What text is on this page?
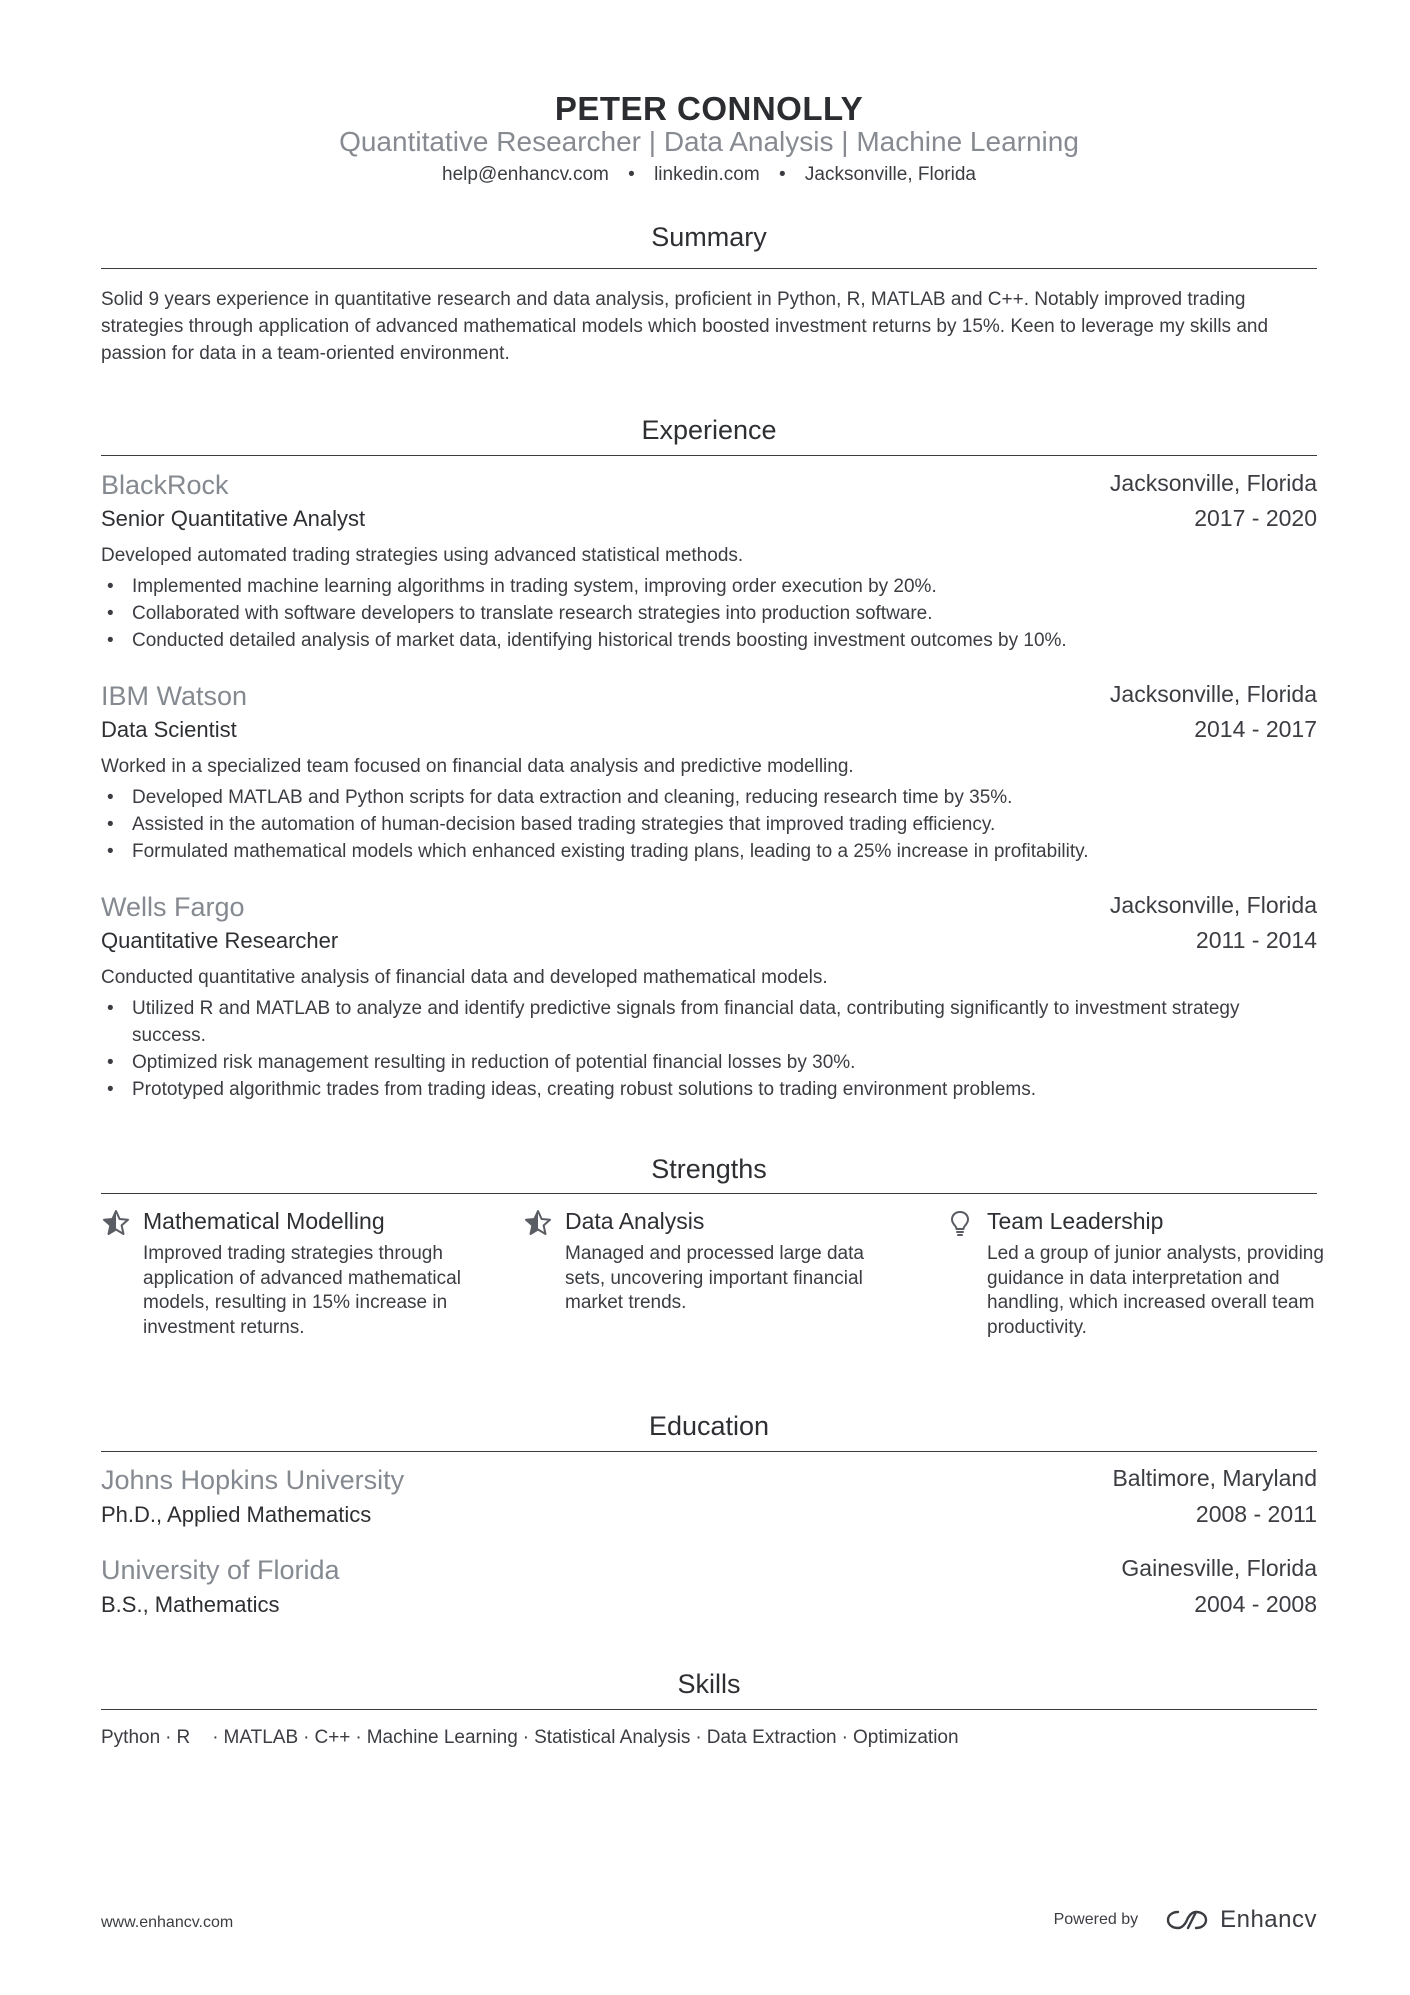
PETER CONNOLLY
Quantitative Researcher | Data Analysis | Machine Learning
help@enhancv.com • linkedin.com • Jacksonville, Florida
Summary
Solid 9 years experience in quantitative research and data analysis, proficient in Python, R, MATLAB and C++. Notably improved trading strategies through application of advanced mathematical models which boosted investment returns by 15%. Keen to leverage my skills and passion for data in a team-oriented environment.
Experience
BlackRock	Jacksonville, Florida
Senior Quantitative Analyst	2017 - 2020
Developed automated trading strategies using advanced statistical methods.
• Implemented machine learning algorithms in trading system, improving order execution by 20%.
• Collaborated with software developers to translate research strategies into production software.
• Conducted detailed analysis of market data, identifying historical trends boosting investment outcomes by 10%.
IBM Watson	Jacksonville, Florida
Data Scientist	2014 - 2017
Worked in a specialized team focused on financial data analysis and predictive modelling.
• Developed MATLAB and Python scripts for data extraction and cleaning, reducing research time by 35%.
• Assisted in the automation of human-decision based trading strategies that improved trading efficiency.
• Formulated mathematical models which enhanced existing trading plans, leading to a 25% increase in profitability.
Wells Fargo	Jacksonville, Florida
Quantitative Researcher	2011 - 2014
Conducted quantitative analysis of financial data and developed mathematical models.
• Utilized R and MATLAB to analyze and identify predictive signals from financial data, contributing significantly to investment strategy success.
• Optimized risk management resulting in reduction of potential financial losses by 30%.
• Prototyped algorithmic trades from trading ideas, creating robust solutions to trading environment problems.
Strengths
Mathematical Modelling
Improved trading strategies through application of advanced mathematical models, resulting in 15% increase in investment returns.
Data Analysis
Managed and processed large data sets, uncovering important financial market trends.
Team Leadership
Led a group of junior analysts, providing guidance in data interpretation and handling, which increased overall team productivity.
Education
Johns Hopkins University	Baltimore, Maryland
Ph.D., Applied Mathematics	2008 - 2011
University of Florida	Gainesville, Florida
B.S., Mathematics	2004 - 2008
Skills
Python · R · MATLAB · C++ · Machine Learning · Statistical Analysis · Data Extraction · Optimization
www.enhancv.com	Powered by	Enhancv
